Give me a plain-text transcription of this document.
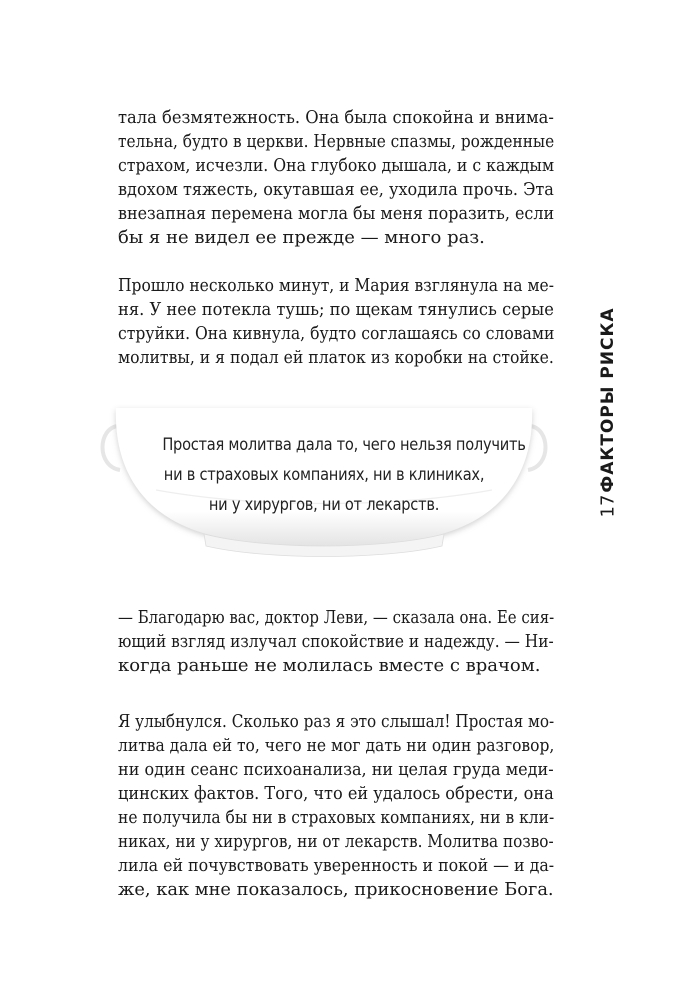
тала безмятежность. Она была спокойна и внима-
тельна, будто в церкви. Нервные спазмы, рожденные
страхом, исчезли. Она глубоко дышала, и с каждым
вдохом тяжесть, окутавшая ее, уходила прочь. Эта
внезапная перемена могла бы меня поразить, если
бы я не видел ее прежде — много раз.
Прошло несколько минут, и Мария взглянула на ме-
ня. У нее потекла тушь; по щекам тянулись серые
струйки. Она кивнула, будто соглашаясь со словами
молитвы, и я подал ей платок из коробки на стойке.
Простая молитва дала то, чего нельзя получить
ни в страховых компаниях, ни в клиниках,
ни у хирургов, ни от лекарств.
— Благодарю вас, доктор Леви, — сказала она. Ее сия-
ющий взгляд излучал спокойствие и надежду. — Ни-
когда раньше не молилась вместе с врачом.
Я улыбнулся. Сколько раз я это слышал! Простая мо-
литва дала ей то, чего не мог дать ни один разговор,
ни один сеанс психоанализа, ни целая груда меди-
цинских фактов. Того, что ей удалось обрести, она
не получила бы ни в страховых компаниях, ни в кли-
никах, ни у хирургов, ни от лекарств. Молитва позво-
лила ей почувствовать уверенность и покой — и да-
же, как мне показалось, прикосновение Бога.
ФАКТОРЫ РИСКА
17
